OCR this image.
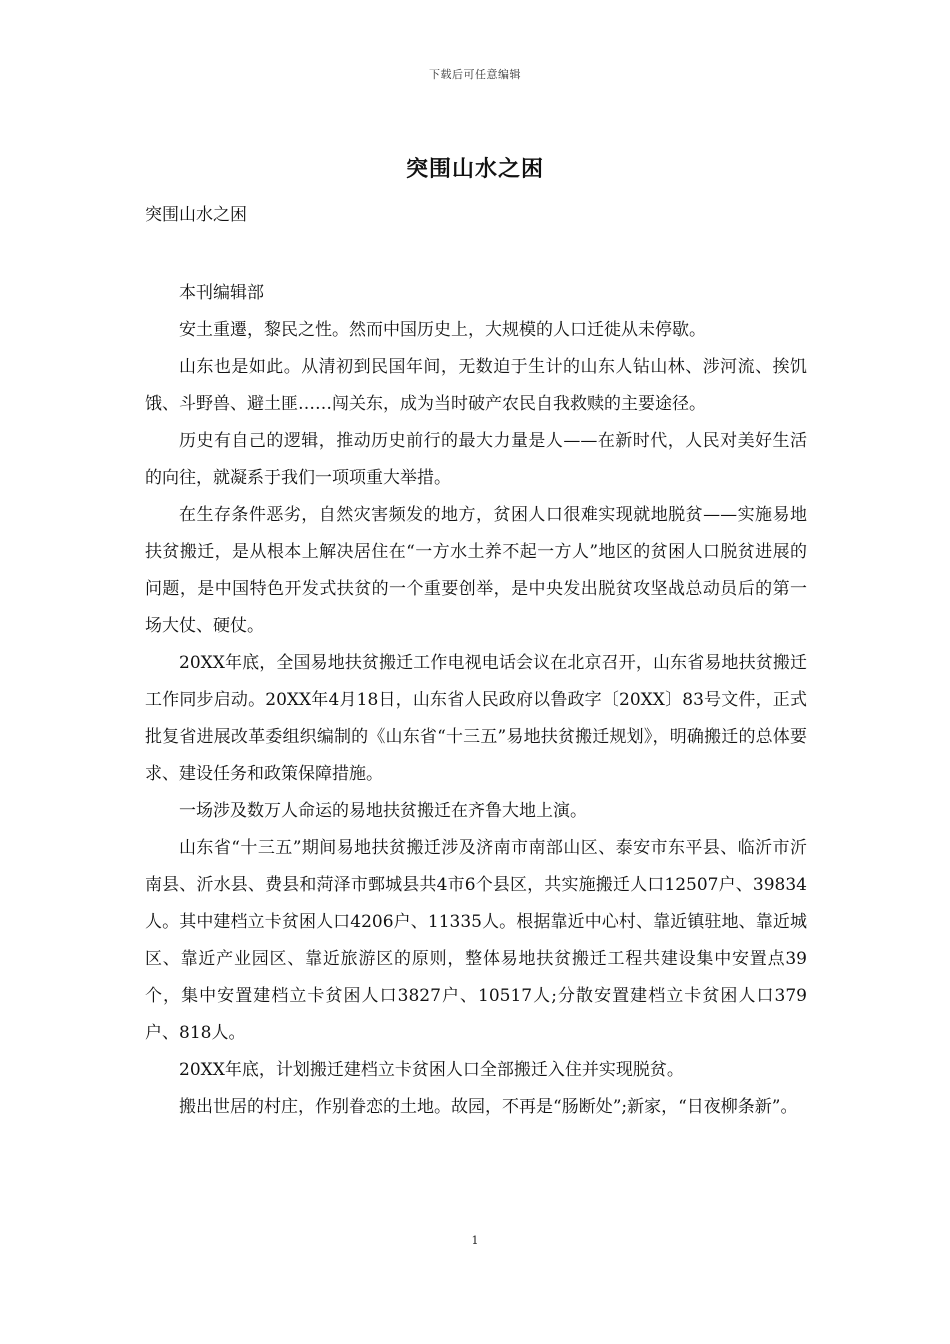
下载后可任意编辑
突围山水之困
突围山水之困

本刊编辑部

安土重遷，黎民之性。然而中国历史上，大规模的人口迁徙从未停歇。

山东也是如此。从清初到民国年间，无数迫于生计的山东人钻山林、涉河流、挨饥饿、斗野兽、避土匪……闯关东，成为当时破产农民自我救赎的主要途径。

历史有自己的逻辑，推动历史前行的最大力量是人——在新时代，人民对美好生活的向往，就凝系于我们一项项重大举措。

在生存条件恶劣，自然灾害频发的地方，贫困人口很难实现就地脱贫——实施易地扶贫搬迁，是从根本上解决居住在“一方水土养不起一方人”地区的贫困人口脱贫进展的问题，是中国特色开发式扶贫的一个重要创举，是中央发出脱贫攻坚战总动员后的第一场大仗、硬仗。

20XX年底，全国易地扶贫搬迁工作电视电话会议在北京召开，山东省易地扶贫搬迁工作同步启动。20XX年4月18日，山东省人民政府以鲁政字〔20XX〕83号文件，正式批复省进展改革委组织编制的《山东省“十三五”易地扶贫搬迁规划》，明确搬迁的总体要求、建设任务和政策保障措施。

一场涉及数万人命运的易地扶贫搬迁在齐鲁大地上演。

山东省“十三五”期间易地扶贫搬迁涉及济南市南部山区、泰安市东平县、临沂市沂南县、沂水县、费县和菏泽市鄄城县共4市6个县区，共实施搬迁人口12507户、39834人。其中建档立卡贫困人口4206户、11335人。根据靠近中心村、靠近镇驻地、靠近城区、靠近产业园区、靠近旅游区的原则，整体易地扶贫搬迁工程共建设集中安置点39个，集中安置建档立卡贫困人口3827户、10517人;分散安置建档立卡贫困人口379户、818人。

20XX年底，计划搬迁建档立卡贫困人口全部搬迁入住并实现脱贫。

搬出世居的村庄，作别眷恋的土地。故园，不再是“肠断处”;新家，“日夜柳条新”。

1
